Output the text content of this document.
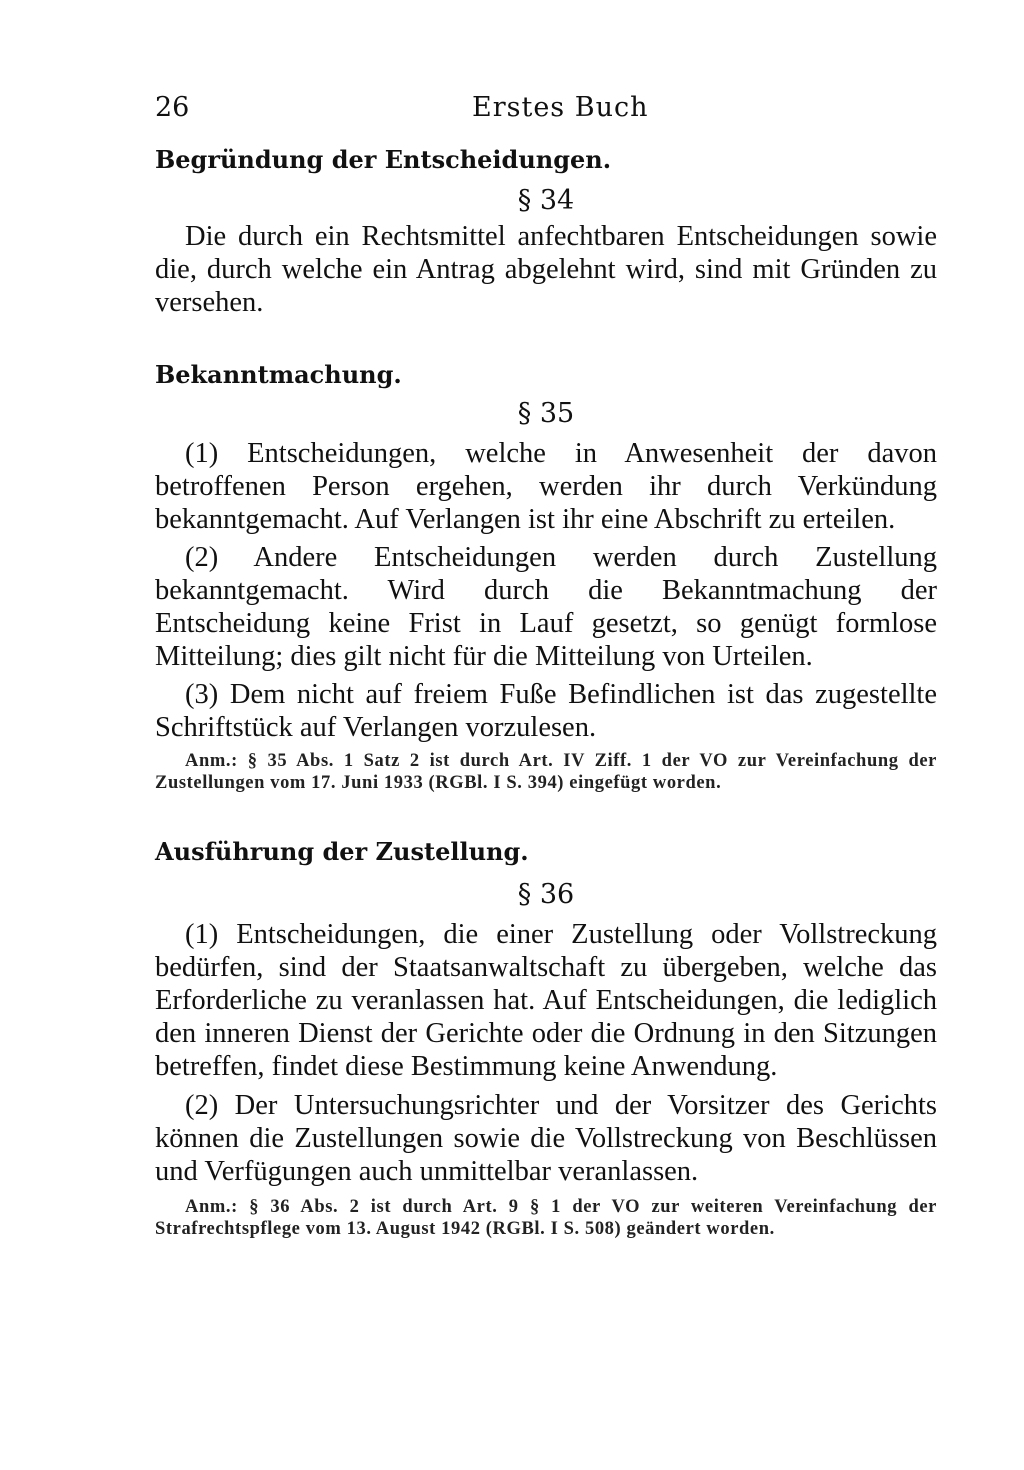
26	Erstes Buch
Begründung der Entscheidungen.

§ 34

Die durch ein Rechtsmittel anfechtbaren Entscheidungen sowie die, durch welche ein Antrag abgelehnt wird, sind mit Gründen zu versehen.

Bekanntmachung.

§ 35

(1) Entscheidungen, welche in Anwesenheit der davon betroffenen Person ergehen, werden ihr durch Verkündung bekanntgemacht. Auf Verlangen ist ihr eine Abschrift zu erteilen.

(2) Andere Entscheidungen werden durch Zustellung bekanntgemacht. Wird durch die Bekanntmachung der Entscheidung keine Frist in Lauf gesetzt, so genügt formlose Mitteilung; dies gilt nicht für die Mitteilung von Urteilen.

(3) Dem nicht auf freiem Fuße Befindlichen ist das zugestellte Schriftstück auf Verlangen vorzulesen.

Anm.: § 35 Abs. 1 Satz 2 ist durch Art. IV Ziff. 1 der VO zur Vereinfachung der Zustellungen vom 17. Juni 1933 (RGBl. I S. 394) eingefügt worden.

Ausführung der Zustellung.

§ 36

(1) Entscheidungen, die einer Zustellung oder Vollstreckung bedürfen, sind der Staatsanwaltschaft zu übergeben, welche das Erforderliche zu veranlassen hat. Auf Entscheidungen, die lediglich den inneren Dienst der Gerichte oder die Ordnung in den Sitzungen betreffen, findet diese Bestimmung keine Anwendung.

(2) Der Untersuchungsrichter und der Vorsitzer des Gerichts können die Zustellungen sowie die Vollstreckung von Beschlüssen und Verfügungen auch unmittelbar veranlassen.

Anm.: § 36 Abs. 2 ist durch Art. 9 § 1 der VO zur weiteren Vereinfachung der Strafrechtspflege vom 13. August 1942 (RGBl. I S. 508) geändert worden.
